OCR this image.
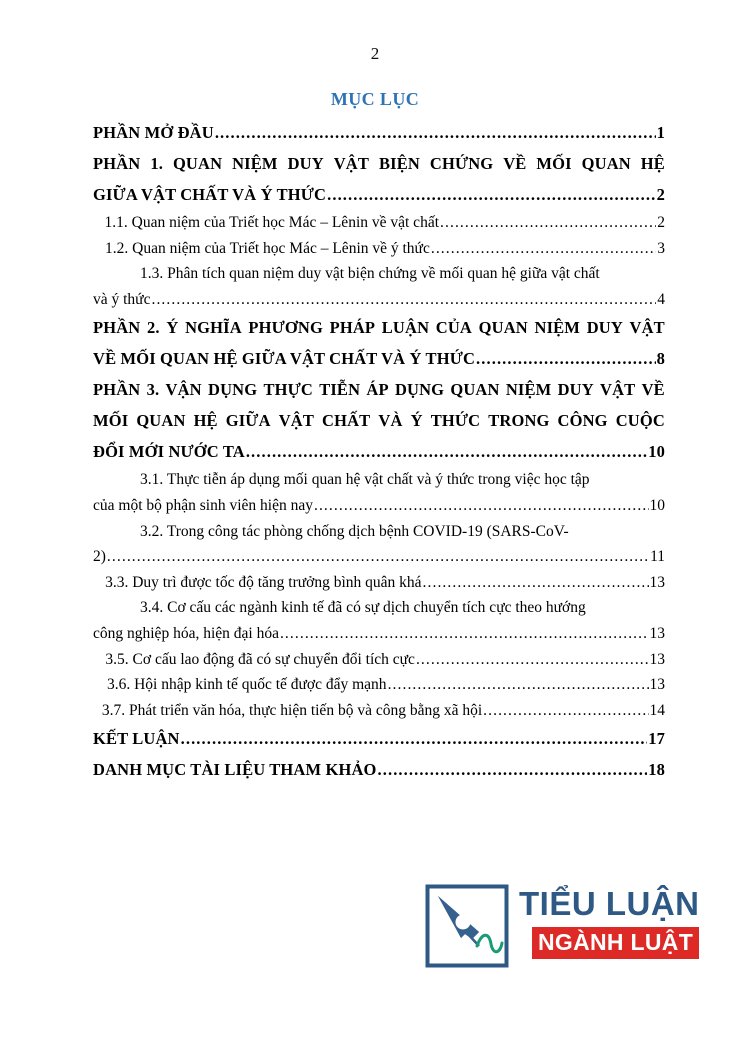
2
MỤC LỤC
PHẦN MỞ ĐẦU .....	1
PHẦN 1. QUAN NIỆM DUY VẬT BIỆN CHỨNG VỀ MỐI QUAN HỆ
GIỮA VẬT CHẤT VÀ Ý THỨC .....	2
1.1. Quan niệm của Triết học Mác – Lênin về vật chất .....	2
1.2. Quan niệm của Triết học Mác – Lênin về ý thức .....	3
1.3. Phân tích quan niệm duy vật biện chứng về mối quan hệ giữa vật chất
và ý thức .....	4
PHẦN 2. Ý NGHĨA PHƯƠNG PHÁP LUẬN CỦA QUAN NIỆM DUY VẬT
VỀ MỐI QUAN HỆ GIỮA VẬT CHẤT VÀ Ý THỨC .....	8
PHẦN 3. VẬN DỤNG THỰC TIỄN ÁP DỤNG QUAN NIỆM DUY VẬT VỀ
MỐI QUAN HỆ GIỮA VẬT CHẤT VÀ Ý THỨC TRONG CÔNG CUỘC
ĐỔI MỚI NƯỚC TA .....	10
3.1. Thực tiễn áp dụng mối quan hệ vật chất và ý thức trong việc học tập
của một bộ phận sinh viên hiện nay .....	10
3.2. Trong công tác phòng chống dịch bệnh COVID-19 (SARS-CoV-
2) .....	11
3.3. Duy trì được tốc độ tăng trưởng bình quân khá .....	13
3.4. Cơ cấu các ngành kinh tế đã có sự dịch chuyển tích cực theo hướng
công nghiệp hóa, hiện đại hóa .....	13
3.5. Cơ cấu lao động đã có sự chuyển đổi tích cực .....	13
3.6. Hội nhập kinh tế quốc tế được đẩy mạnh .....	13
3.7. Phát triển văn hóa, thực hiện tiến bộ và công bằng xã hội .....	14
KẾT LUẬN .....	17
DANH MỤC TÀI LIỆU THAM KHẢO .....	18
TIỂU LUẬN
NGÀNH LUẬT
